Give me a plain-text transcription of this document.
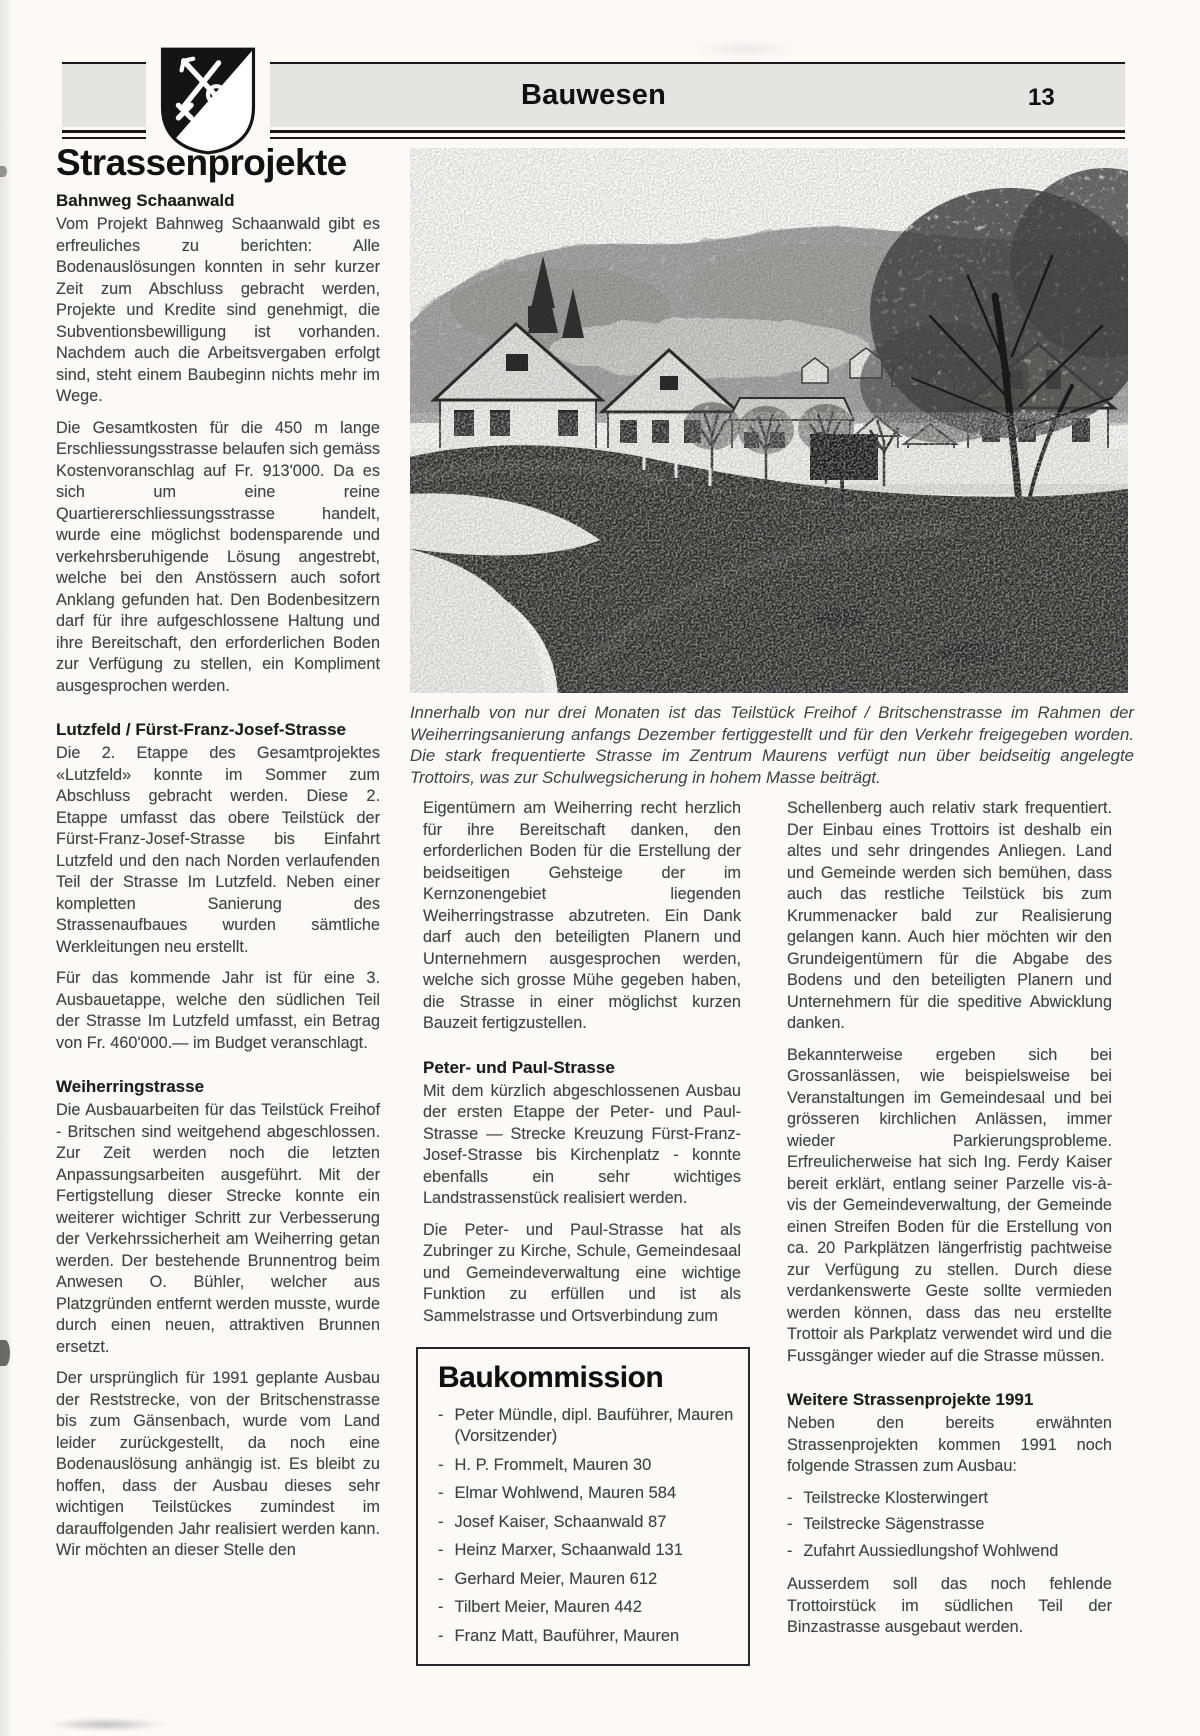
Bauwesen	13
Strassenprojekte
Bahnweg Schaanwald

Vom Projekt Bahnweg Schaanwald gibt es erfreuliches zu berichten: Alle Bodenauslösungen konnten in sehr kurzer Zeit zum Abschluss gebracht werden, Projekte und Kredite sind genehmigt, die Subventionsbewilligung ist vorhanden. Nachdem auch die Arbeitsvergaben erfolgt sind, steht einem Baubeginn nichts mehr im Wege.

Die Gesamtkosten für die 450 m lange Erschliessungsstrasse belaufen sich gemäss Kostenvoranschlag auf Fr. 913'000. Da es sich um eine reine Quartiererschliessungsstrasse handelt, wurde eine möglichst bodensparende und verkehrsberuhigende Lösung angestrebt, welche bei den Anstössern auch sofort Anklang gefunden hat. Den Bodenbesitzern darf für ihre aufgeschlossene Haltung und ihre Bereitschaft, den erforderlichen Boden zur Verfügung zu stellen, ein Kompliment ausgesprochen werden.

Lutzfeld / Fürst-Franz-Josef-Strasse

Die 2. Etappe des Gesamtprojektes «Lutzfeld» konnte im Sommer zum Abschluss gebracht werden. Diese 2. Etappe umfasst das obere Teilstück der Fürst-Franz-Josef-Strasse bis Einfahrt Lutzfeld und den nach Norden verlaufenden Teil der Strasse Im Lutzfeld. Neben einer kompletten Sanierung des Strassenaufbaues wurden sämtliche Werkleitungen neu erstellt.

Für das kommende Jahr ist für eine 3. Ausbauetappe, welche den südlichen Teil der Strasse Im Lutzfeld umfasst, ein Betrag von Fr. 460'000.— im Budget veranschlagt.

Weiherringstrasse

Die Ausbauarbeiten für das Teilstück Freihof - Britschen sind weitgehend abgeschlossen. Zur Zeit werden noch die letzten Anpassungsarbeiten ausgeführt. Mit der Fertigstellung dieser Strecke konnte ein weiterer wichtiger Schritt zur Verbesserung der Verkehrssicherheit am Weiherring getan werden. Der bestehende Brunnentrog beim Anwesen O. Bühler, welcher aus Platzgründen entfernt werden musste, wurde durch einen neuen, attraktiven Brunnen ersetzt.

Der ursprünglich für 1991 geplante Ausbau der Reststrecke, von der Britschenstrasse bis zum Gänsenbach, wurde vom Land leider zurückgestellt, da noch eine Bodenauslösung anhängig ist. Es bleibt zu hoffen, dass der Ausbau dieses sehr wichtigen Teilstückes zumindest im darauffolgenden Jahr realisiert werden kann. Wir möchten an dieser Stelle den

Innerhalb von nur drei Monaten ist das Teilstück Freihof / Britschenstrasse im Rahmen der Weiherringsanierung anfangs Dezember fertiggestellt und für den Verkehr freigegeben worden. Die stark frequentierte Strasse im Zentrum Maurens verfügt nun über beidseitig angelegte Trottoirs, was zur Schulwegsicherung in hohem Masse beiträgt.

Eigentümern am Weiherring recht herzlich für ihre Bereitschaft danken, den erforderlichen Boden für die Erstellung der beidseitigen Gehsteige der im Kernzonengebiet liegenden Weiherringstrasse abzutreten. Ein Dank darf auch den beteiligten Planern und Unternehmern ausgesprochen werden, welche sich grosse Mühe gegeben haben, die Strasse in einer möglichst kurzen Bauzeit fertigzustellen.

Peter- und Paul-Strasse

Mit dem kürzlich abgeschlossenen Ausbau der ersten Etappe der Peter- und Paul-Strasse — Strecke Kreuzung Fürst-Franz-Josef-Strasse bis Kirchenplatz - konnte ebenfalls ein sehr wichtiges Landstrassenstück realisiert werden.

Die Peter- und Paul-Strasse hat als Zubringer zu Kirche, Schule, Gemeindesaal und Gemeindeverwaltung eine wichtige Funktion zu erfüllen und ist als Sammelstrasse und Ortsverbindung zum

Baukommission
- Peter Mündle, dipl. Bauführer, Mauren (Vorsitzender)
- H. P. Frommelt, Mauren 30
- Elmar Wohlwend, Mauren 584
- Josef Kaiser, Schaanwald 87
- Heinz Marxer, Schaanwald 131
- Gerhard Meier, Mauren 612
- Tilbert Meier, Mauren 442
- Franz Matt, Bauführer, Mauren

Schellenberg auch relativ stark frequentiert. Der Einbau eines Trottoirs ist deshalb ein altes und sehr dringendes Anliegen. Land und Gemeinde werden sich bemühen, dass auch das restliche Teilstück bis zum Krummenacker bald zur Realisierung gelangen kann. Auch hier möchten wir den Grundeigentümern für die Abgabe des Bodens und den beteiligten Planern und Unternehmern für die speditive Abwicklung danken.

Bekannterweise ergeben sich bei Grossanlässen, wie beispielsweise bei Veranstaltungen im Gemeindesaal und bei grösseren kirchlichen Anlässen, immer wieder Parkierungsprobleme. Erfreulicherweise hat sich Ing. Ferdy Kaiser bereit erklärt, entlang seiner Parzelle vis-à-vis der Gemeindeverwaltung, der Gemeinde einen Streifen Boden für die Erstellung von ca. 20 Parkplätzen längerfristig pachtweise zur Verfügung zu stellen. Durch diese verdankenswerte Geste sollte vermieden werden können, dass das neu erstellte Trottoir als Parkplatz verwendet wird und die Fussgänger wieder auf die Strasse müssen.

Weitere Strassenprojekte 1991

Neben den bereits erwähnten Strassenprojekten kommen 1991 noch folgende Strassen zum Ausbau:

- Teilstrecke Klosterwingert
- Teilstrecke Sägenstrasse
- Zufahrt Aussiedlungshof Wohlwend

Ausserdem soll das noch fehlende Trottoirstück im südlichen Teil der Binzastrasse ausgebaut werden.
